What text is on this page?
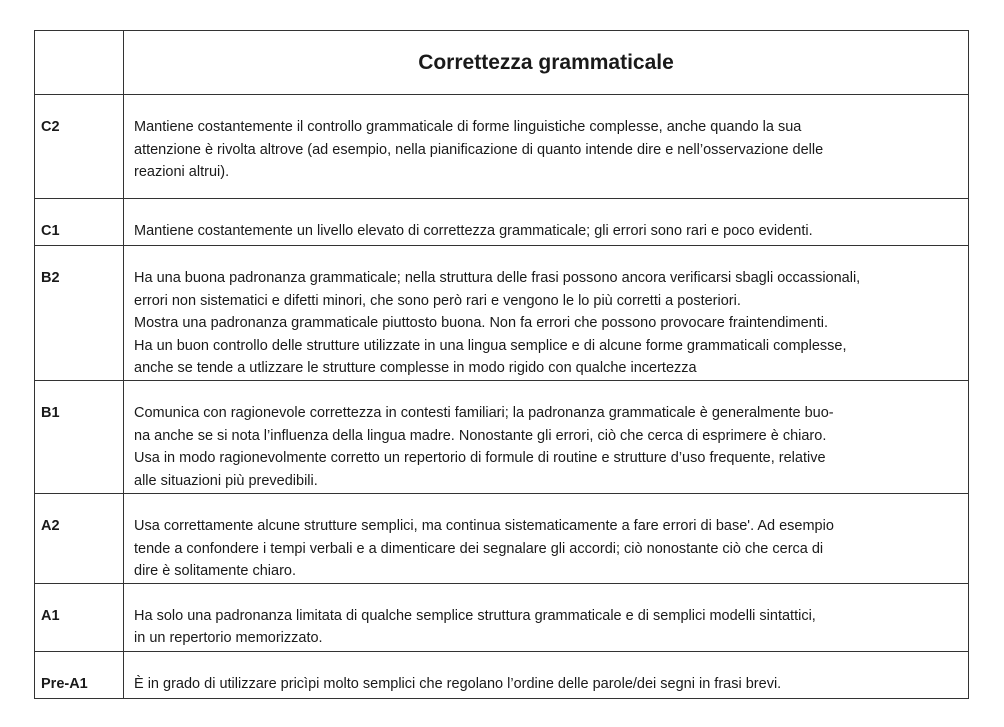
	Correttezza grammaticale
C2	Mantiene costantemente il controllo grammaticale di forme linguistiche complesse, anche quando la sua
attenzione è rivolta altrove (ad esempio, nella pianificazione di quanto intende dire e nell’osservazione delle
reazioni altrui).

C1	Mantiene costantemente un livello elevato di correttezza grammaticale; gli errori sono rari e poco evidenti.

B2	Ha una buona padronanza grammaticale; nella struttura delle frasi possono ancora verificarsi sbagli occassionali,
errori non sistematici e difetti minori, che sono però rari e vengono le lo più corretti a posteriori.
Mostra una padronanza grammaticale piuttosto buona. Non fa errori che possono provocare fraintendimenti.
Ha un buon controllo delle strutture utilizzate in una lingua semplice e di alcune forme grammaticali complesse,
anche se tende a utlizzare le strutture complesse in modo rigido con qualche incertezza

B1	Comunica con ragionevole correttezza in contesti familiari; la padronanza grammaticale è generalmente buo-
na anche se si nota l’influenza della lingua madre. Nonostante gli errori, ciò che cerca di esprimere è chiaro.
Usa in modo ragionevolmente corretto un repertorio di formule di routine e strutture d’uso frequente, relative
alle situazioni più prevedibili.

A2	Usa correttamente alcune strutture semplici, ma continua sistematicamente a fare errori di base'. Ad esempio
tende a confondere i tempi verbali e a dimenticare dei segnalare gli accordi; ciò nonostante ciò che cerca di
dire è solitamente chiaro.

A1	Ha solo una padronanza limitata di qualche semplice struttura grammaticale e di semplici modelli sintattici,
in un repertorio memorizzato.

Pre-A1	È in grado di utilizzare pricìpi molto semplici che regolano l’ordine delle parole/dei segni in frasi brevi.
